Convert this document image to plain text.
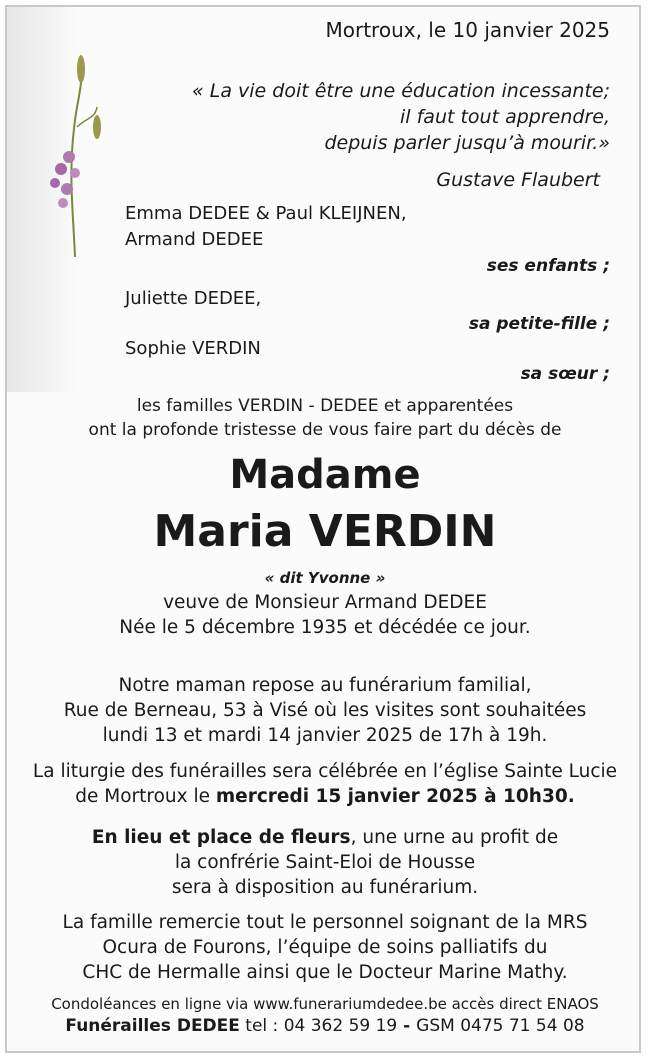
Mortroux, le 10 janvier 2025
« La vie doit être une éducation incessante;
il faut tout apprendre,
depuis parler jusqu’à mourir.»
Gustave Flaubert
Emma DEDEE & Paul KLEIJNEN,
Armand DEDEE
ses enfants ;
Juliette DEDEE,
sa petite-fille ;
Sophie VERDIN
sa sœur ;
les familles VERDIN - DEDEE et apparentées
ont la profonde tristesse de vous faire part du décès de
Madame
Maria VERDIN
« dit Yvonne »
veuve de Monsieur Armand DEDEE
Née le 5 décembre 1935 et décédée ce jour.
Notre maman repose au funérarium familial,
Rue de Berneau, 53 à Visé où les visites sont souhaitées
lundi 13 et mardi 14 janvier 2025 de 17h à 19h.
La liturgie des funérailles sera célébrée en l’église Sainte Lucie
de Mortroux le mercredi 15 janvier 2025 à 10h30.
En lieu et place de fleurs, une urne au profit de
la confrérie Saint-Eloi de Housse
sera à disposition au funérarium.
La famille remercie tout le personnel soignant de la MRS
Ocura de Fourons, l’équipe de soins palliatifs du
CHC de Hermalle ainsi que le Docteur Marine Mathy.
Condoléances en ligne via www.funerariumdedee.be accès direct ENAOS
Funérailles DEDEE tel : 04 362 59 19 - GSM 0475 71 54 08
